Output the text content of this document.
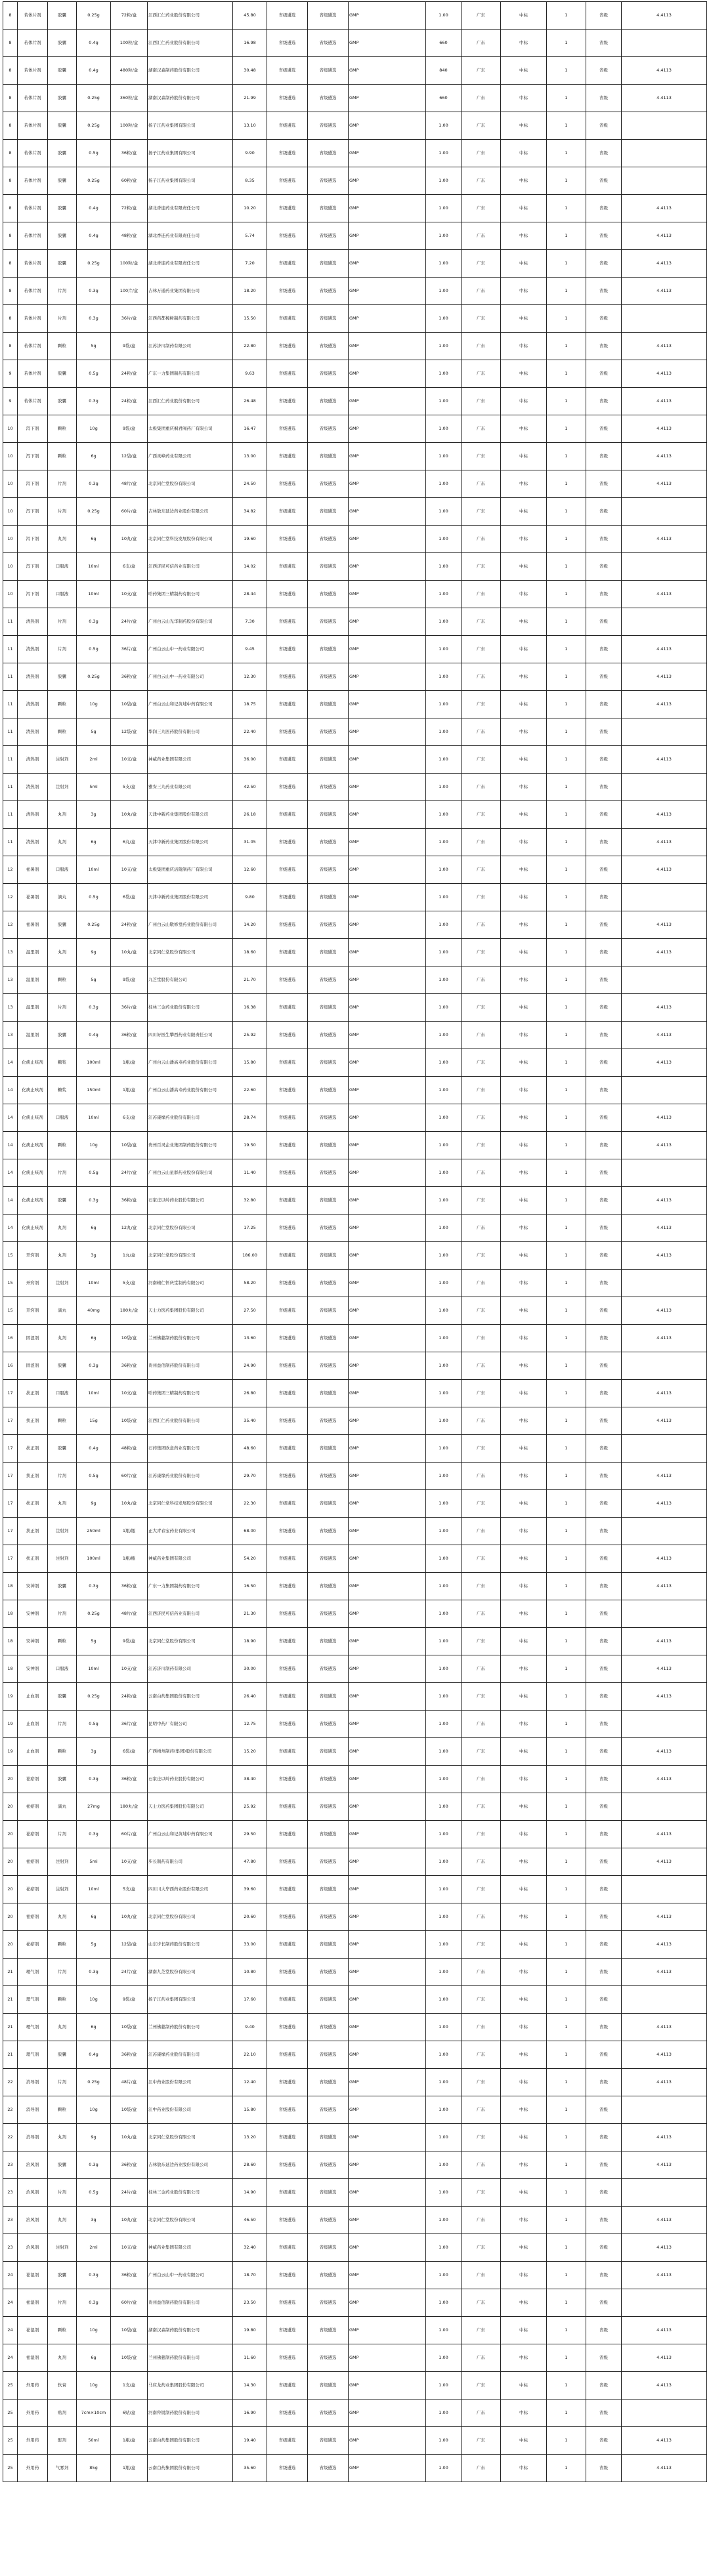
8	若体片剂	胶囊	0.25g	72粒/盒	江西汇仁药业股份有限公司	45.80	省级遴选	省级遴选	GMP	1.00	广东	中标	1	省级	4.4113
8	若体片剂	胶囊	0.4g	100粒/盒	江西汇仁药业股份有限公司	16.98	省级遴选	省级遴选	GMP	660	广东	中标	1	省级	
8	若体片剂	胶囊	0.4g	480粒/盒	湖南汉森制药股份有限公司	30.48	省级遴选	省级遴选	GMP	840	广东	中标	1	省级	4.4113
8	若体片剂	胶囊	0.25g	360粒/盒	湖南汉森制药股份有限公司	21.99	省级遴选	省级遴选	GMP	660	广东	中标	1	省级	4.4113
8	若体片剂	胶囊	0.25g	100粒/盒	扬子江药业集团有限公司	13.10	省级遴选	省级遴选	GMP	1.00	广东	中标	1	省级	
8	若体片剂	胶囊	0.5g	36粒/盒	扬子江药业集团有限公司	9.90	省级遴选	省级遴选	GMP	1.00	广东	中标	1	省级	
8	若体片剂	胶囊	0.25g	60粒/盒	扬子江药业集团有限公司	8.35	省级遴选	省级遴选	GMP	1.00	广东	中标	1	省级	
8	若体片剂	胶囊	0.4g	72粒/盒	湖北香连药业有限责任公司	10.20	省级遴选	省级遴选	GMP	1.00	广东	中标	1	省级	4.4113
8	若体片剂	胶囊	0.4g	48粒/盒	湖北香连药业有限责任公司	5.74	省级遴选	省级遴选	GMP	1.00	广东	中标	1	省级	4.4113
8	若体片剂	胶囊	0.25g	100粒/盒	湖北香连药业有限责任公司	7.20	省级遴选	省级遴选	GMP	1.00	广东	中标	1	省级	4.4113
8	若体片剂	片剂	0.3g	100片/盒	吉林万通药业集团有限公司	18.20	省级遴选	省级遴选	GMP	1.00	广东	中标	1	省级	4.4113
8	若体片剂	片剂	0.3g	36片/盒	江西药都樟树制药有限公司	15.50	省级遴选	省级遴选	GMP	1.00	广东	中标	1	省级	
8	若体片剂	颗粒	5g	9袋/盒	江苏济川制药有限公司	22.80	省级遴选	省级遴选	GMP	1.00	广东	中标	1	省级	4.4113
9	若体片剂	胶囊	0.5g	24粒/盒	广东一力集团制药有限公司	9.63	省级遴选	省级遴选	GMP	1.00	广东	中标	1	省级	4.4113
9	若体片剂	胶囊	0.3g	24粒/盒	江西汇仁药业股份有限公司	26.48	省级遴选	省级遴选	GMP	1.00	广东	中标	1	省级	4.4113
10	泻下剂	颗粒	10g	9袋/盒	太极集团重庆桐君阁药厂有限公司	16.47	省级遴选	省级遴选	GMP	1.00	广东	中标	1	省级	4.4113
10	泻下剂	颗粒	6g	12袋/盒	广西灵峰药业有限公司	13.00	省级遴选	省级遴选	GMP	1.00	广东	中标	1	省级	4.4113
10	泻下剂	片剂	0.3g	48片/盒	北京同仁堂股份有限公司	24.50	省级遴选	省级遴选	GMP	1.00	广东	中标	1	省级	4.4113
10	泻下剂	片剂	0.25g	60片/盒	吉林敖东延边药业股份有限公司	34.82	省级遴选	省级遴选	GMP	1.00	广东	中标	1	省级	
10	泻下剂	丸剂	6g	10丸/盒	北京同仁堂科技发展股份有限公司	19.60	省级遴选	省级遴选	GMP	1.00	广东	中标	1	省级	4.4113
10	泻下剂	口服液	10ml	6支/盒	江西济民可信药业有限公司	14.02	省级遴选	省级遴选	GMP	1.00	广东	中标	1	省级	
10	泻下剂	口服液	10ml	10支/盒	哈药集团三精制药有限公司	28.44	省级遴选	省级遴选	GMP	1.00	广东	中标	1	省级	4.4113
11	清热剂	片剂	0.3g	24片/盒	广州白云山光华制药股份有限公司	7.30	省级遴选	省级遴选	GMP	1.00	广东	中标	1	省级	
11	清热剂	片剂	0.5g	36片/盒	广州白云山中一药业有限公司	9.45	省级遴选	省级遴选	GMP	1.00	广东	中标	1	省级	4.4113
11	清热剂	胶囊	0.25g	36粒/盒	广州白云山中一药业有限公司	12.30	省级遴选	省级遴选	GMP	1.00	广东	中标	1	省级	4.4113
11	清热剂	颗粒	10g	10袋/盒	广州白云山和记黄埔中药有限公司	18.75	省级遴选	省级遴选	GMP	1.00	广东	中标	1	省级	4.4113
11	清热剂	颗粒	5g	12袋/盒	华润三九医药股份有限公司	22.40	省级遴选	省级遴选	GMP	1.00	广东	中标	1	省级	
11	清热剂	注射剂	2ml	10支/盒	神威药业集团有限公司	36.00	省级遴选	省级遴选	GMP	1.00	广东	中标	1	省级	4.4113
11	清热剂	注射剂	5ml	5支/盒	雅安三九药业有限公司	42.50	省级遴选	省级遴选	GMP	1.00	广东	中标	1	省级	
11	清热剂	丸剂	3g	10丸/盒	天津中新药业集团股份有限公司	26.18	省级遴选	省级遴选	GMP	1.00	广东	中标	1	省级	4.4113
11	清热剂	丸剂	6g	6丸/盒	天津中新药业集团股份有限公司	31.05	省级遴选	省级遴选	GMP	1.00	广东	中标	1	省级	4.4113
12	祛暑剂	口服液	10ml	10支/盒	太极集团重庆涪陵制药厂有限公司	12.60	省级遴选	省级遴选	GMP	1.00	广东	中标	1	省级	4.4113
12	祛暑剂	滴丸	0.5g	6袋/盒	天津中新药业集团股份有限公司	9.80	省级遴选	省级遴选	GMP	1.00	广东	中标	1	省级	
12	祛暑剂	胶囊	0.25g	24粒/盒	广州白云山敬修堂药业股份有限公司	14.20	省级遴选	省级遴选	GMP	1.00	广东	中标	1	省级	4.4113
13	温里剂	丸剂	9g	10丸/盒	北京同仁堂股份有限公司	18.60	省级遴选	省级遴选	GMP	1.00	广东	中标	1	省级	4.4113
13	温里剂	颗粒	5g	9袋/盒	九芝堂股份有限公司	21.70	省级遴选	省级遴选	GMP	1.00	广东	中标	1	省级	
13	温里剂	片剂	0.3g	36片/盒	桂林三金药业股份有限公司	16.38	省级遴选	省级遴选	GMP	1.00	广东	中标	1	省级	4.4113
13	温里剂	胶囊	0.4g	36粒/盒	四川好医生攀西药业有限责任公司	25.92	省级遴选	省级遴选	GMP	1.00	广东	中标	1	省级	4.4113
14	化痰止咳剂	糖浆	100ml	1瓶/盒	广州白云山潘高寿药业股份有限公司	15.80	省级遴选	省级遴选	GMP	1.00	广东	中标	1	省级	4.4113
14	化痰止咳剂	糖浆	150ml	1瓶/盒	广州白云山潘高寿药业股份有限公司	22.60	省级遴选	省级遴选	GMP	1.00	广东	中标	1	省级	
14	化痰止咳剂	口服液	10ml	6支/盒	江苏康缘药业股份有限公司	28.74	省级遴选	省级遴选	GMP	1.00	广东	中标	1	省级	4.4113
14	化痰止咳剂	颗粒	10g	10袋/盒	贵州百灵企业集团制药股份有限公司	19.50	省级遴选	省级遴选	GMP	1.00	广东	中标	1	省级	4.4113
14	化痰止咳剂	片剂	0.5g	24片/盒	广州白云山星群药业股份有限公司	11.40	省级遴选	省级遴选	GMP	1.00	广东	中标	1	省级	
14	化痰止咳剂	胶囊	0.3g	36粒/盒	石家庄以岭药业股份有限公司	32.80	省级遴选	省级遴选	GMP	1.00	广东	中标	1	省级	4.4113
14	化痰止咳剂	丸剂	6g	12丸/盒	北京同仁堂股份有限公司	17.25	省级遴选	省级遴选	GMP	1.00	广东	中标	1	省级	4.4113
15	开窍剂	丸剂	3g	1丸/盒	北京同仁堂股份有限公司	186.00	省级遴选	省级遴选	GMP	1.00	广东	中标	1	省级	4.4113
15	开窍剂	注射剂	10ml	5支/盒	河南辅仁怀庆堂制药有限公司	58.20	省级遴选	省级遴选	GMP	1.00	广东	中标	1	省级	
15	开窍剂	滴丸	40mg	180丸/盒	天士力医药集团股份有限公司	27.50	省级遴选	省级遴选	GMP	1.00	广东	中标	1	省级	4.4113
16	固涩剂	丸剂	6g	10袋/盒	兰州佛慈制药股份有限公司	13.60	省级遴选	省级遴选	GMP	1.00	广东	中标	1	省级	4.4113
16	固涩剂	胶囊	0.3g	36粒/盒	贵州益佰制药股份有限公司	24.90	省级遴选	省级遴选	GMP	1.00	广东	中标	1	省级	
17	扶正剂	口服液	10ml	10支/盒	哈药集团三精制药有限公司	26.80	省级遴选	省级遴选	GMP	1.00	广东	中标	1	省级	4.4113
17	扶正剂	颗粒	15g	10袋/盒	江西汇仁药业股份有限公司	35.40	省级遴选	省级遴选	GMP	1.00	广东	中标	1	省级	4.4113
17	扶正剂	胶囊	0.4g	48粒/盒	石药集团欧意药业有限公司	48.60	省级遴选	省级遴选	GMP	1.00	广东	中标	1	省级	
17	扶正剂	片剂	0.5g	60片/盒	江苏康缘药业股份有限公司	29.70	省级遴选	省级遴选	GMP	1.00	广东	中标	1	省级	4.4113
17	扶正剂	丸剂	9g	10丸/盒	北京同仁堂科技发展股份有限公司	22.30	省级遴选	省级遴选	GMP	1.00	广东	中标	1	省级	4.4113
17	扶正剂	注射剂	250ml	1瓶/瓶	正大青春宝药业有限公司	68.00	省级遴选	省级遴选	GMP	1.00	广东	中标	1	省级	
17	扶正剂	注射剂	100ml	1瓶/瓶	神威药业集团有限公司	54.20	省级遴选	省级遴选	GMP	1.00	广东	中标	1	省级	4.4113
18	安神剂	胶囊	0.3g	36粒/盒	广东一力集团制药有限公司	16.50	省级遴选	省级遴选	GMP	1.00	广东	中标	1	省级	4.4113
18	安神剂	片剂	0.25g	48片/盒	江西济民可信药业有限公司	21.30	省级遴选	省级遴选	GMP	1.00	广东	中标	1	省级	
18	安神剂	颗粒	5g	9袋/盒	北京同仁堂股份有限公司	18.90	省级遴选	省级遴选	GMP	1.00	广东	中标	1	省级	4.4113
18	安神剂	口服液	10ml	10支/盒	江苏济川制药有限公司	30.00	省级遴选	省级遴选	GMP	1.00	广东	中标	1	省级	4.4113
19	止血剂	胶囊	0.25g	24粒/盒	云南白药集团股份有限公司	26.40	省级遴选	省级遴选	GMP	1.00	广东	中标	1	省级	4.4113
19	止血剂	片剂	0.5g	36片/盒	昆明中药厂有限公司	12.75	省级遴选	省级遴选	GMP	1.00	广东	中标	1	省级	
19	止血剂	颗粒	3g	6袋/盒	广西梧州制药(集团)股份有限公司	15.20	省级遴选	省级遴选	GMP	1.00	广东	中标	1	省级	4.4113
20	祛瘀剂	胶囊	0.3g	36粒/盒	石家庄以岭药业股份有限公司	38.40	省级遴选	省级遴选	GMP	1.00	广东	中标	1	省级	4.4113
20	祛瘀剂	滴丸	27mg	180丸/盒	天士力医药集团股份有限公司	25.92	省级遴选	省级遴选	GMP	1.00	广东	中标	1	省级	
20	祛瘀剂	片剂	0.3g	60片/盒	广州白云山和记黄埔中药有限公司	29.50	省级遴选	省级遴选	GMP	1.00	广东	中标	1	省级	4.4113
20	祛瘀剂	注射剂	5ml	10支/盒	步长制药有限公司	47.80	省级遴选	省级遴选	GMP	1.00	广东	中标	1	省级	4.4113
20	祛瘀剂	注射剂	10ml	5支/盒	四川川大华西药业股份有限公司	39.60	省级遴选	省级遴选	GMP	1.00	广东	中标	1	省级	
20	祛瘀剂	丸剂	6g	10丸/盒	北京同仁堂股份有限公司	20.60	省级遴选	省级遴选	GMP	1.00	广东	中标	1	省级	4.4113
20	祛瘀剂	颗粒	5g	12袋/盒	山东步长制药股份有限公司	33.00	省级遴选	省级遴选	GMP	1.00	广东	中标	1	省级	4.4113
21	理气剂	片剂	0.3g	24片/盒	湖南九芝堂股份有限公司	10.80	省级遴选	省级遴选	GMP	1.00	广东	中标	1	省级	4.4113
21	理气剂	颗粒	10g	9袋/盒	扬子江药业集团有限公司	17.60	省级遴选	省级遴选	GMP	1.00	广东	中标	1	省级	
21	理气剂	丸剂	6g	10袋/盒	兰州佛慈制药股份有限公司	9.40	省级遴选	省级遴选	GMP	1.00	广东	中标	1	省级	4.4113
21	理气剂	胶囊	0.4g	36粒/盒	江苏康缘药业股份有限公司	22.10	省级遴选	省级遴选	GMP	1.00	广东	中标	1	省级	4.4113
22	消导剂	片剂	0.25g	48片/盒	江中药业股份有限公司	12.40	省级遴选	省级遴选	GMP	1.00	广东	中标	1	省级	4.4113
22	消导剂	颗粒	10g	10袋/盒	江中药业股份有限公司	15.80	省级遴选	省级遴选	GMP	1.00	广东	中标	1	省级	
22	消导剂	丸剂	9g	10丸/盒	北京同仁堂股份有限公司	13.20	省级遴选	省级遴选	GMP	1.00	广东	中标	1	省级	4.4113
23	治风剂	胶囊	0.3g	36粒/盒	吉林敖东延边药业股份有限公司	28.60	省级遴选	省级遴选	GMP	1.00	广东	中标	1	省级	4.4113
23	治风剂	片剂	0.5g	24片/盒	桂林三金药业股份有限公司	14.90	省级遴选	省级遴选	GMP	1.00	广东	中标	1	省级	
23	治风剂	丸剂	3g	10丸/盒	北京同仁堂股份有限公司	46.50	省级遴选	省级遴选	GMP	1.00	广东	中标	1	省级	4.4113
23	治风剂	注射剂	2ml	10支/盒	神威药业集团有限公司	32.40	省级遴选	省级遴选	GMP	1.00	广东	中标	1	省级	4.4113
24	祛湿剂	胶囊	0.3g	36粒/盒	广州白云山中一药业有限公司	18.70	省级遴选	省级遴选	GMP	1.00	广东	中标	1	省级	4.4113
24	祛湿剂	片剂	0.3g	60片/盒	贵州益佰制药股份有限公司	23.50	省级遴选	省级遴选	GMP	1.00	广东	中标	1	省级	
24	祛湿剂	颗粒	10g	10袋/盒	湖南汉森制药股份有限公司	19.80	省级遴选	省级遴选	GMP	1.00	广东	中标	1	省级	4.4113
24	祛湿剂	丸剂	6g	10袋/盒	兰州佛慈制药股份有限公司	11.60	省级遴选	省级遴选	GMP	1.00	广东	中标	1	省级	4.4113
25	外用药	软膏	10g	1支/盒	马应龙药业集团股份有限公司	14.30	省级遴选	省级遴选	GMP	1.00	广东	中标	1	省级	4.4113
25	外用药	贴剂	7cm×10cm	6贴/盒	河南羚锐制药股份有限公司	16.90	省级遴选	省级遴选	GMP	1.00	广东	中标	1	省级	
25	外用药	酊剂	50ml	1瓶/盒	云南白药集团股份有限公司	19.40	省级遴选	省级遴选	GMP	1.00	广东	中标	1	省级	4.4113
25	外用药	气雾剂	85g	1瓶/盒	云南白药集团股份有限公司	35.60	省级遴选	省级遴选	GMP	1.00	广东	中标	1	省级	4.4113
